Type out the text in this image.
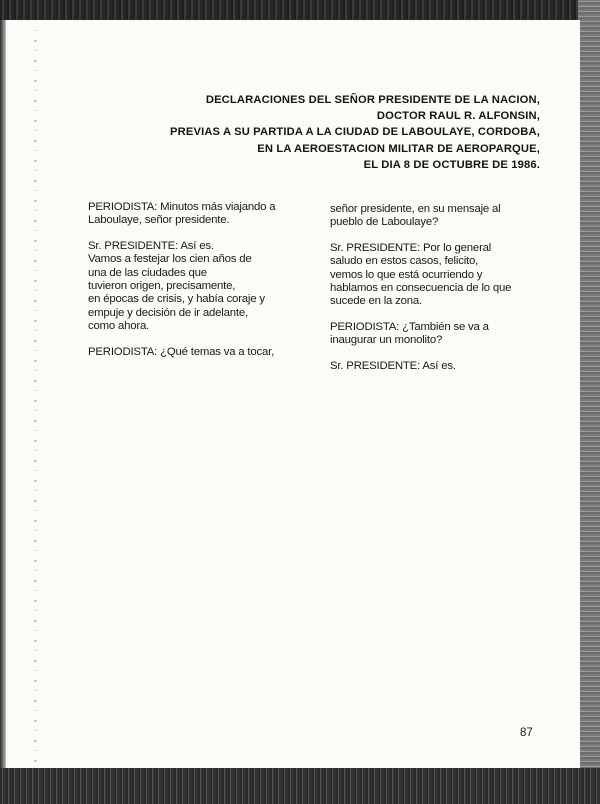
DECLARACIONES DEL SEÑOR PRESIDENTE DE LA NACION,
DOCTOR RAUL R. ALFONSIN,
PREVIAS A SU PARTIDA A LA CIUDAD DE LABOULAYE, CORDOBA,
EN LA AEROESTACION MILITAR DE AEROPARQUE,
EL DIA 8 DE OCTUBRE DE 1986.

PERIODISTA: Minutos más viajando a
Laboulaye, señor presidente.

Sr. PRESIDENTE: Así es.
Vamos a festejar los cien años de
una de las ciudades que
tuvieron origen, precisamente,
en épocas de crisis, y había coraje y
empuje y decisión de ir adelante,
como ahora.

PERIODISTA: ¿Qué temas va a tocar,

señor presidente, en su mensaje al
pueblo de Laboulaye?

Sr. PRESIDENTE: Por lo general
saludo en estos casos, felicito,
vemos lo que está ocurriendo y
hablamos en consecuencia de lo que
sucede en la zona.

PERIODISTA: ¿También se va a
inaugurar un monolito?

Sr. PRESIDENTE: Así es.

87
